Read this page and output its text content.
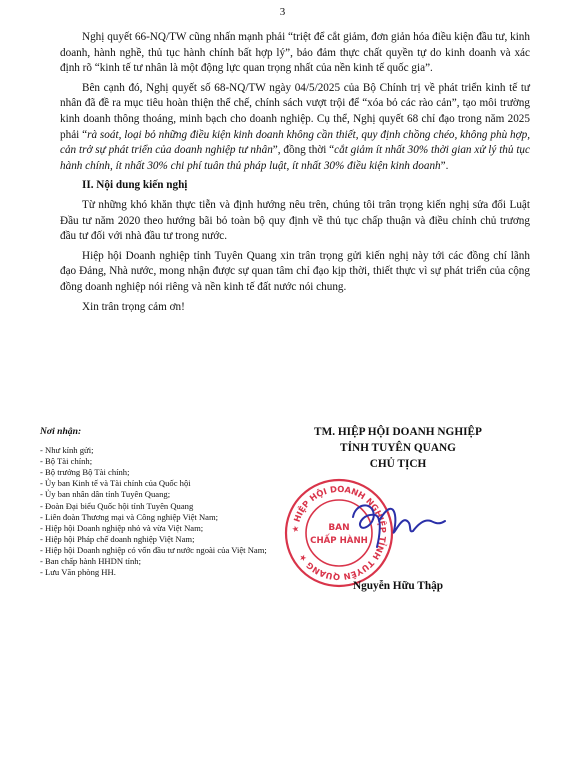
3

Nghị quyết 66-NQ/TW cũng nhấn mạnh phải “triệt để cắt giảm, đơn giản hóa điều kiện đầu tư, kinh doanh, hành nghề, thủ tục hành chính bất hợp lý”, bảo đảm thực chất quyền tự do kinh doanh và xác định rõ “kinh tế tư nhân là một động lực quan trọng nhất của nền kinh tế quốc gia”.

Bên cạnh đó, Nghị quyết số 68-NQ/TW ngày 04/5/2025 của Bộ Chính trị về phát triển kinh tế tư nhân đã đề ra mục tiêu hoàn thiện thể chế, chính sách vượt trội để “xóa bỏ các rào cản”, tạo môi trường kinh doanh thông thoáng, minh bạch cho doanh nghiệp. Cụ thể, Nghị quyết 68 chỉ đạo trong năm 2025 phải “rà soát, loại bỏ những điều kiện kinh doanh không cần thiết, quy định chồng chéo, không phù hợp, cản trở sự phát triển của doanh nghiệp tư nhân”, đồng thời “cắt giảm ít nhất 30% thời gian xử lý thủ tục hành chính, ít nhất 30% chi phí tuân thủ pháp luật, ít nhất 30% điều kiện kinh doanh”.

II. Nội dung kiến nghị

Từ những khó khăn thực tiễn và định hướng nêu trên, chúng tôi trân trọng kiến nghị sửa đổi Luật Đầu tư năm 2020 theo hướng bãi bỏ toàn bộ quy định về thủ tục chấp thuận và điều chỉnh chủ trương đầu tư đối với nhà đầu tư trong nước.

Hiệp hội Doanh nghiệp tỉnh Tuyên Quang xin trân trọng gửi kiến nghị này tới các đồng chí lãnh đạo Đảng, Nhà nước, mong nhận được sự quan tâm chỉ đạo kịp thời, thiết thực vì sự phát triển của cộng đồng doanh nghiệp nói riêng và nền kinh tế đất nước nói chung.

Xin trân trọng cảm ơn!

Nơi nhận:
- Như kính gửi;
- Bộ Tài chính;
- Bộ trưởng Bộ Tài chính;
- Ủy ban Kinh tế và Tài chính của Quốc hội
- Ủy ban nhân dân tỉnh Tuyên Quang;
- Đoàn Đại biểu Quốc hội tỉnh Tuyên Quang
- Liên đoàn Thương mại và Công nghiệp Việt Nam;
- Hiệp hội Doanh nghiệp nhỏ và vừa Việt Nam;
- Hiệp hội Pháp chế doanh nghiệp Việt Nam;
- Hiệp hội Doanh nghiệp có vốn đầu tư nước ngoài của Việt Nam;
- Ban chấp hành HHDN tỉnh;
- Lưu Văn phòng HH.
TM. HIỆP HỘI DOANH NGHIỆP
TỈNH TUYÊN QUANG
CHỦ TỊCH
★ HIỆP HỘI DOANH NGHIỆP TỈNH TUYÊN QUANG ★
BAN
CHẤP HÀNH
Nguyễn Hữu Thập
